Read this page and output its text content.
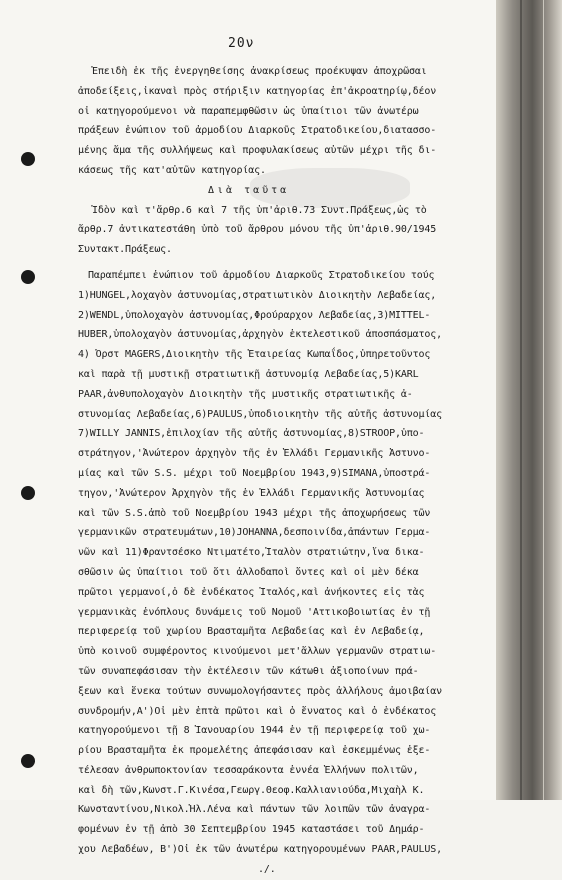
20ν
Ἐπειδὴ ἐκ τῆς ἐνεργηθείσης ἀνακρίσεως προέκυψαν ἀποχρῶσαι
ἀποδείξεις,ἱκαναὶ πρὸς στήριξιν κατηγορίας ἐπ'ἀκροατηρίῳ,δέον
οἱ κατηγορούμενοι νὰ παραπεμφθῶσιν ὡς ὑπαίτιοι τῶν ἀνωτέρω
πράξεων ἐνώπιον τοῦ ἁρμοδίου Διαρκοῦς Στρατοδικείου,διατασσο-
μένης ἅμα τῆς συλλήψεως καὶ προφυλακίσεως αὐτῶν μέχρι τῆς δι-
κάσεως τῆς κατ'αὐτῶν κατηγορίας.
Διὰ ταῦτα
Ἰδὸν καὶ τ'ἄρθρ.6 καὶ 7 τῆς ὑπ'ἀριθ.73 Συντ.Πράξεως,ὡς τὸ
ἄρθρ.7 ἀντικατεστάθη ὑπὸ τοῦ ἄρθρου μόνου τῆς ὑπ'ἀριθ.90/1945
Συντακτ.Πράξεως.
Παραπέμπει ἐνώπιον τοῦ ἁρμοδίου Διαρκοῦς Στρατοδικείου τούς
1)HUNGEL,λοχαγὸν ἀστυνομίας,στρατιωτικὸν Διοικητὴν Λεβαδείας,
2)WENDL,ὑπολοχαγὸν ἀστυνομίας,Φρούραρχον Λεβαδείας,3)MITTEL-
HUBER,ὑπολοχαγὸν ἀστυνομίας,ἀρχηγὸν ἐκτελεστικοῦ ἀποσπάσματος,
4) Ὀρστ MAGERS,Διοικητὴν τῆς Ἑταιρείας Κωπαΐδος,ὑπηρετοῦντος
καὶ παρὰ τῇ μυστικῇ στρατιωτικῇ ἀστυνομίᾳ Λεβαδείας,5)KARL
PAAR,ἀνθυπολοχαγὸν Διοικητὴν τῆς μυστικῆς στρατιωτικῆς ἀ-
στυνομίας Λεβαδείας,6)PAULUS,ὑποδιοικητὴν τῆς αὐτῆς ἀστυνομίας
7)WILLY JANNIS,ἐπιλοχίαν τῆς αὐτῆς ἀστυνομίας,8)STROOP,ὑπο-
στράτηγον,'Ἀνώτερον ἀρχηγὸν τῆς ἐν Ἑλλάδι Γερμανικῆς Ἀστυνο-
μίας καὶ τῶν S.S. μέχρι τοῦ Νοεμβρίου 1943,9)SIMANA,ὑποστρά-
τηγον,'Ἀνώτερον Ἀρχηγὸν τῆς ἐν Ἑλλάδι Γερμανικῆς Ἀστυνομίας
καὶ τῶν S.S.ἀπὸ τοῦ Νοεμβρίου 1943 μέχρι τῆς ἀποχωρήσεως τῶν
γερμανικῶν στρατευμάτων,10)JOHANNA,δεσποινίδα,ἁπάντων Γερμα-
νῶν καὶ 11)Φραντσέσκο Ντιματέτο,Ἰταλὸν στρατιώτην,ἵνα δικα-
σθῶσιν ὡς ὑπαίτιοι τοῦ ὅτι ἀλλοδαποὶ ὄντες καὶ οἱ μὲν δέκα
πρῶτοι γερμανοί,ὁ δὲ ἑνδέκατος Ἰταλός,καὶ ἀνήκοντες εἰς τὰς
γερμανικὰς ἐνόπλους δυνάμεις τοῦ Νομοῦ 'Αττικοβοιωτίας ἐν τῇ
περιφερείᾳ τοῦ χωρίου Βρασταμῆτα Λεβαδείας καὶ ἐν Λεβαδείᾳ,
ὑπὸ κοινοῦ συμφέροντος κινούμενοι μετ'ἄλλων γερμανῶν στρατιω-
τῶν συναπεφάσισαν τὴν ἐκτέλεσιν τῶν κάτωθι ἀξιοποίνων πρά-
ξεων καὶ ἕνεκα τούτων συνωμολογήσαντες πρὸς ἀλλήλους ἀμοιβαίαν
συνδρομήν,Α')Οἱ μὲν ἑπτὰ πρῶτοι καὶ ὁ ἔννατος καὶ ὁ ἑνδέκατος
κατηγορούμενοι τῇ 8 Ἰανουαρίου 1944 ἐν τῇ περιφερείᾳ τοῦ χω-
ρίου Βρασταμῆτα ἐκ προμελέτης ἀπεφάσισαν καὶ ἐσκεμμένως ἐξε-
τέλεσαν ἀνθρωποκτονίαν τεσσαράκοντα ἐννέα Ἑλλήνων πολιτῶν,
καὶ δὴ τῶν,Κωνστ.Γ.Κινέσα,Γεωργ.Θεοφ.Καλλιανιούδα,Μιχαὴλ Κ.
Κωνσταντίνου,Νικολ.Ἠλ.Λένα καὶ πάντων τῶν λοιπῶν τῶν ἀναγρα-
φομένων ἐν τῇ ἀπὸ 30 Σεπτεμβρίου 1945 καταστάσει τοῦ Δημάρ-
χου Λεβαδέων, Β')Οἱ ἐκ τῶν ἀνωτέρω κατηγορουμένων PAAR,PAULUS,
./.
